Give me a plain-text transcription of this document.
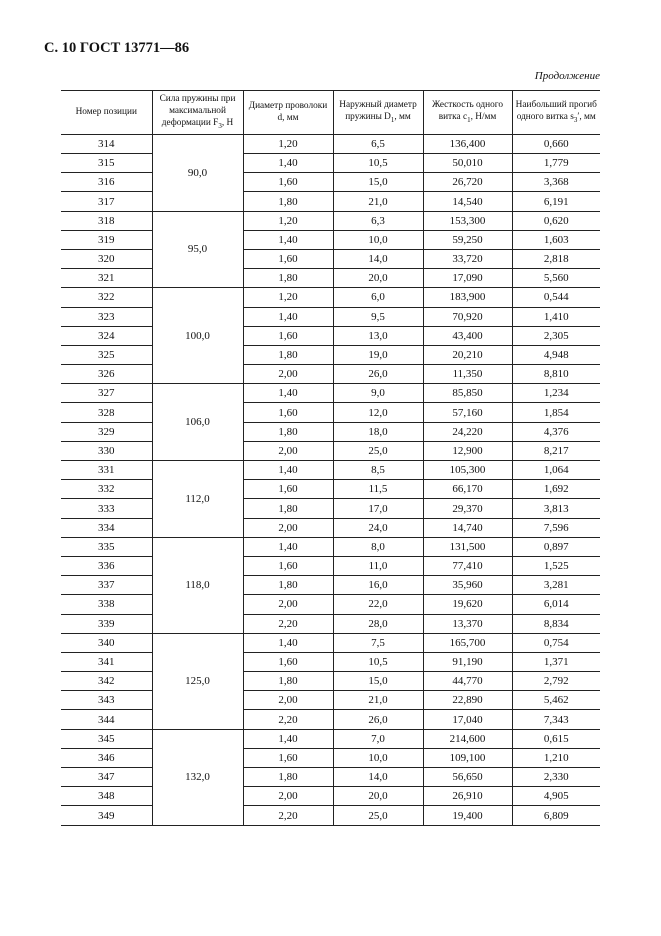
С. 10 ГОСТ 13771—86
Продолжение
Номер позиции	Сила пружины при максимальной деформации $F_3$, Н	Диаметр проволоки d, мм	Наружный диаметр пружины $D_1$, мм	Жесткость одного витка $c_1$, Н/мм	Наибольший прогиб одного витка $s_3'$, мм
314	90,0	1,20	6,5	136,400	0,660
315		1,40	10,5	50,010	1,779
316		1,60	15,0	26,720	3,368
317		1,80	21,0	14,540	6,191
318	95,0	1,20	6,3	153,300	0,620
319		1,40	10,0	59,250	1,603
320		1,60	14,0	33,720	2,818
321		1,80	20,0	17,090	5,560
322	100,0	1,20	6,0	183,900	0,544
323		1,40	9,5	70,920	1,410
324		1,60	13,0	43,400	2,305
325		1,80	19,0	20,210	4,948
326		2,00	26,0	11,350	8,810
327	106,0	1,40	9,0	85,850	1,234
328		1,60	12,0	57,160	1,854
329		1,80	18,0	24,220	4,376
330		2,00	25,0	12,900	8,217
331	112,0	1,40	8,5	105,300	1,064
332		1,60	11,5	66,170	1,692
333		1,80	17,0	29,370	3,813
334		2,00	24,0	14,740	7,596
335	118,0	1,40	8,0	131,500	0,897
336		1,60	11,0	77,410	1,525
337		1,80	16,0	35,960	3,281
338		2,00	22,0	19,620	6,014
339		2,20	28,0	13,370	8,834
340	125,0	1,40	7,5	165,700	0,754
341		1,60	10,5	91,190	1,371
342		1,80	15,0	44,770	2,792
343		2,00	21,0	22,890	5,462
344		2,20	26,0	17,040	7,343
345	132,0	1,40	7,0	214,600	0,615
346		1,60	10,0	109,100	1,210
347		1,80	14,0	56,650	2,330
348		2,00	20,0	26,910	4,905
349		2,20	25,0	19,400	6,809
